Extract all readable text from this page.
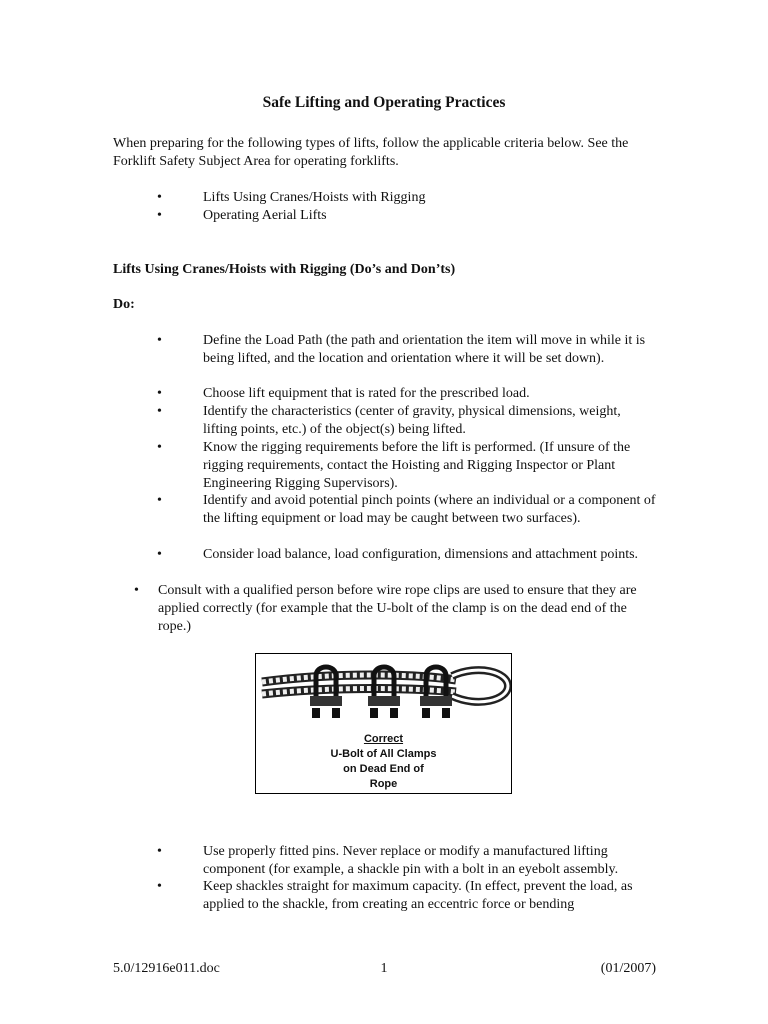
Safe Lifting and Operating Practices
When preparing for the following types of lifts, follow the applicable criteria below. See the Forklift Safety Subject Area for operating forklifts.
•	Lifts Using Cranes/Hoists with Rigging
•	Operating Aerial Lifts
Lifts Using Cranes/Hoists with Rigging (Do’s and Don’ts)
Do:
•	Define the Load Path (the path and orientation the item will move in while it is being lifted, and the location and orientation where it will be set down).
•	Choose lift equipment that is rated for the prescribed load.
•	Identify the characteristics (center of gravity, physical dimensions, weight, lifting points, etc.) of the object(s) being lifted.
•	Know the rigging requirements before the lift is performed. (If unsure of the rigging requirements, contact the Hoisting and Rigging Inspector or Plant Engineering Rigging Supervisors).
•	Identify and avoid potential pinch points (where an individual or a component of the lifting equipment or load may be caught between two surfaces).
•	Consider load balance, load configuration, dimensions and attachment points.
• Consult with a qualified person before wire rope clips are used to ensure that they are applied correctly (for example that the U-bolt of the clamp is on the dead end of the rope.)
Correct
U-Bolt of All Clamps
on Dead End of
Rope
•	Use properly fitted pins. Never replace or modify a manufactured lifting component (for example, a shackle pin with a bolt in an eyebolt assembly.
•	Keep shackles straight for maximum capacity. (In effect, prevent the load, as applied to the shackle, from creating an eccentric force or bending
5.0/12916e011.doc	1	(01/2007)
